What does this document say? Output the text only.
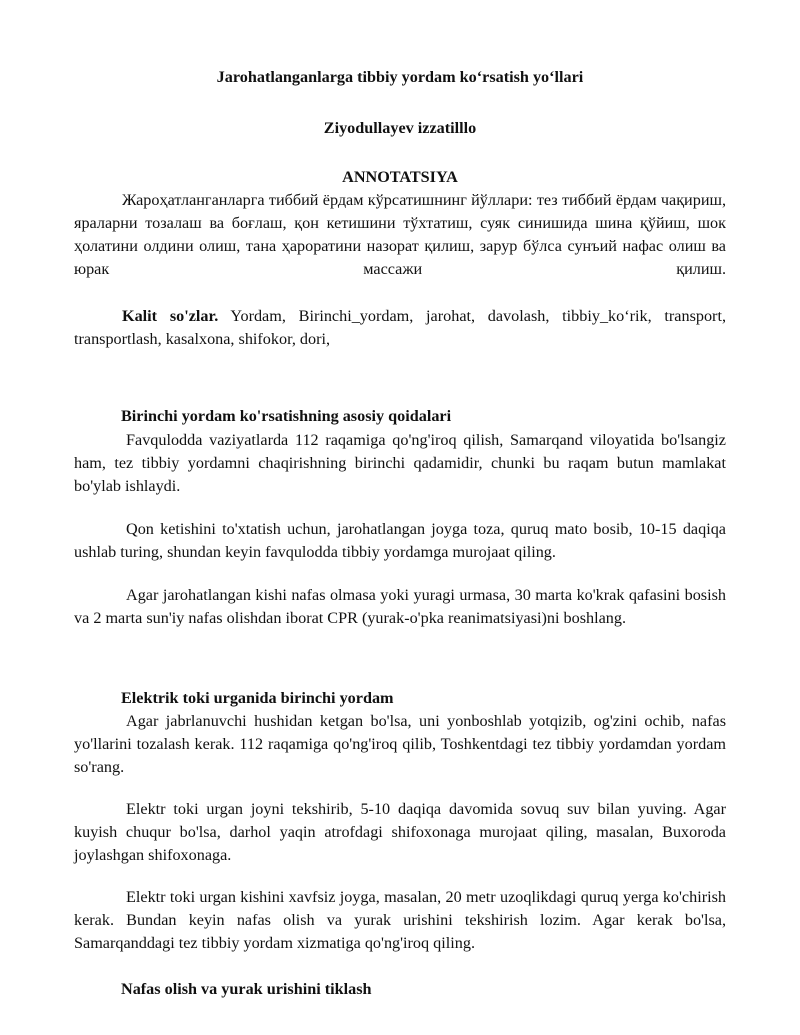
Jarohatlanganlarga tibbiy yordam ko‘rsatish yo‘llari
Ziyodullayev izzatilllo
ANNOTATSIYA

Жароҳатланганларга тиббий ёрдам кўрсатишнинг йўллари: тез тиббий ёрдам чақириш, яраларни тозалаш ва боғлаш, қон кетишини тўхтатиш, суяк синишида шина қўйиш, шок ҳолатини олдини олиш, тана ҳароратини назорат қилиш, зарур бўлса сунъий нафас олиш ва юрак массажи қилиш.

Kalit so'zlar. Yordam, Birinchi_yordam, jarohat, davolash, tibbiy_ko‘rik, transport, transportlash, kasalxona, shifokor, dori,

Birinchi yordam ko'rsatishning asosiy qoidalari

Favqulodda vaziyatlarda 112 raqamiga qo'ng'iroq qilish, Samarqand viloyatida bo'lsangiz ham, tez tibbiy yordamni chaqirishning birinchi qadamidir, chunki bu raqam butun mamlakat bo'ylab ishlaydi.

Qon ketishini to'xtatish uchun, jarohatlangan joyga toza, quruq mato bosib, 10-15 daqiqa ushlab turing, shundan keyin favqulodda tibbiy yordamga murojaat qiling.

Agar jarohatlangan kishi nafas olmasa yoki yuragi urmasa, 30 marta ko'krak qafasini bosish va 2 marta sun'iy nafas olishdan iborat CPR (yurak-o'pka reanimatsiyasi)ni boshlang.

Elektrik toki urganida birinchi yordam

Agar jabrlanuvchi hushidan ketgan bo'lsa, uni yonboshlab yotqizib, og'zini ochib, nafas yo'llarini tozalash kerak. 112 raqamiga qo'ng'iroq qilib, Toshkentdagi tez tibbiy yordamdan yordam so'rang.

Elektr toki urgan joyni tekshirib, 5-10 daqiqa davomida sovuq suv bilan yuving. Agar kuyish chuqur bo'lsa, darhol yaqin atrofdagi shifoxonaga murojaat qiling, masalan, Buxoroda joylashgan shifoxonaga.

Elektr toki urgan kishini xavfsiz joyga, masalan, 20 metr uzoqlikdagi quruq yerga ko'chirish kerak. Bundan keyin nafas olish va yurak urishini tekshirish lozim. Agar kerak bo'lsa, Samarqanddagi tez tibbiy yordam xizmatiga qo'ng'iroq qiling.

Nafas olish va yurak urishini tiklash
